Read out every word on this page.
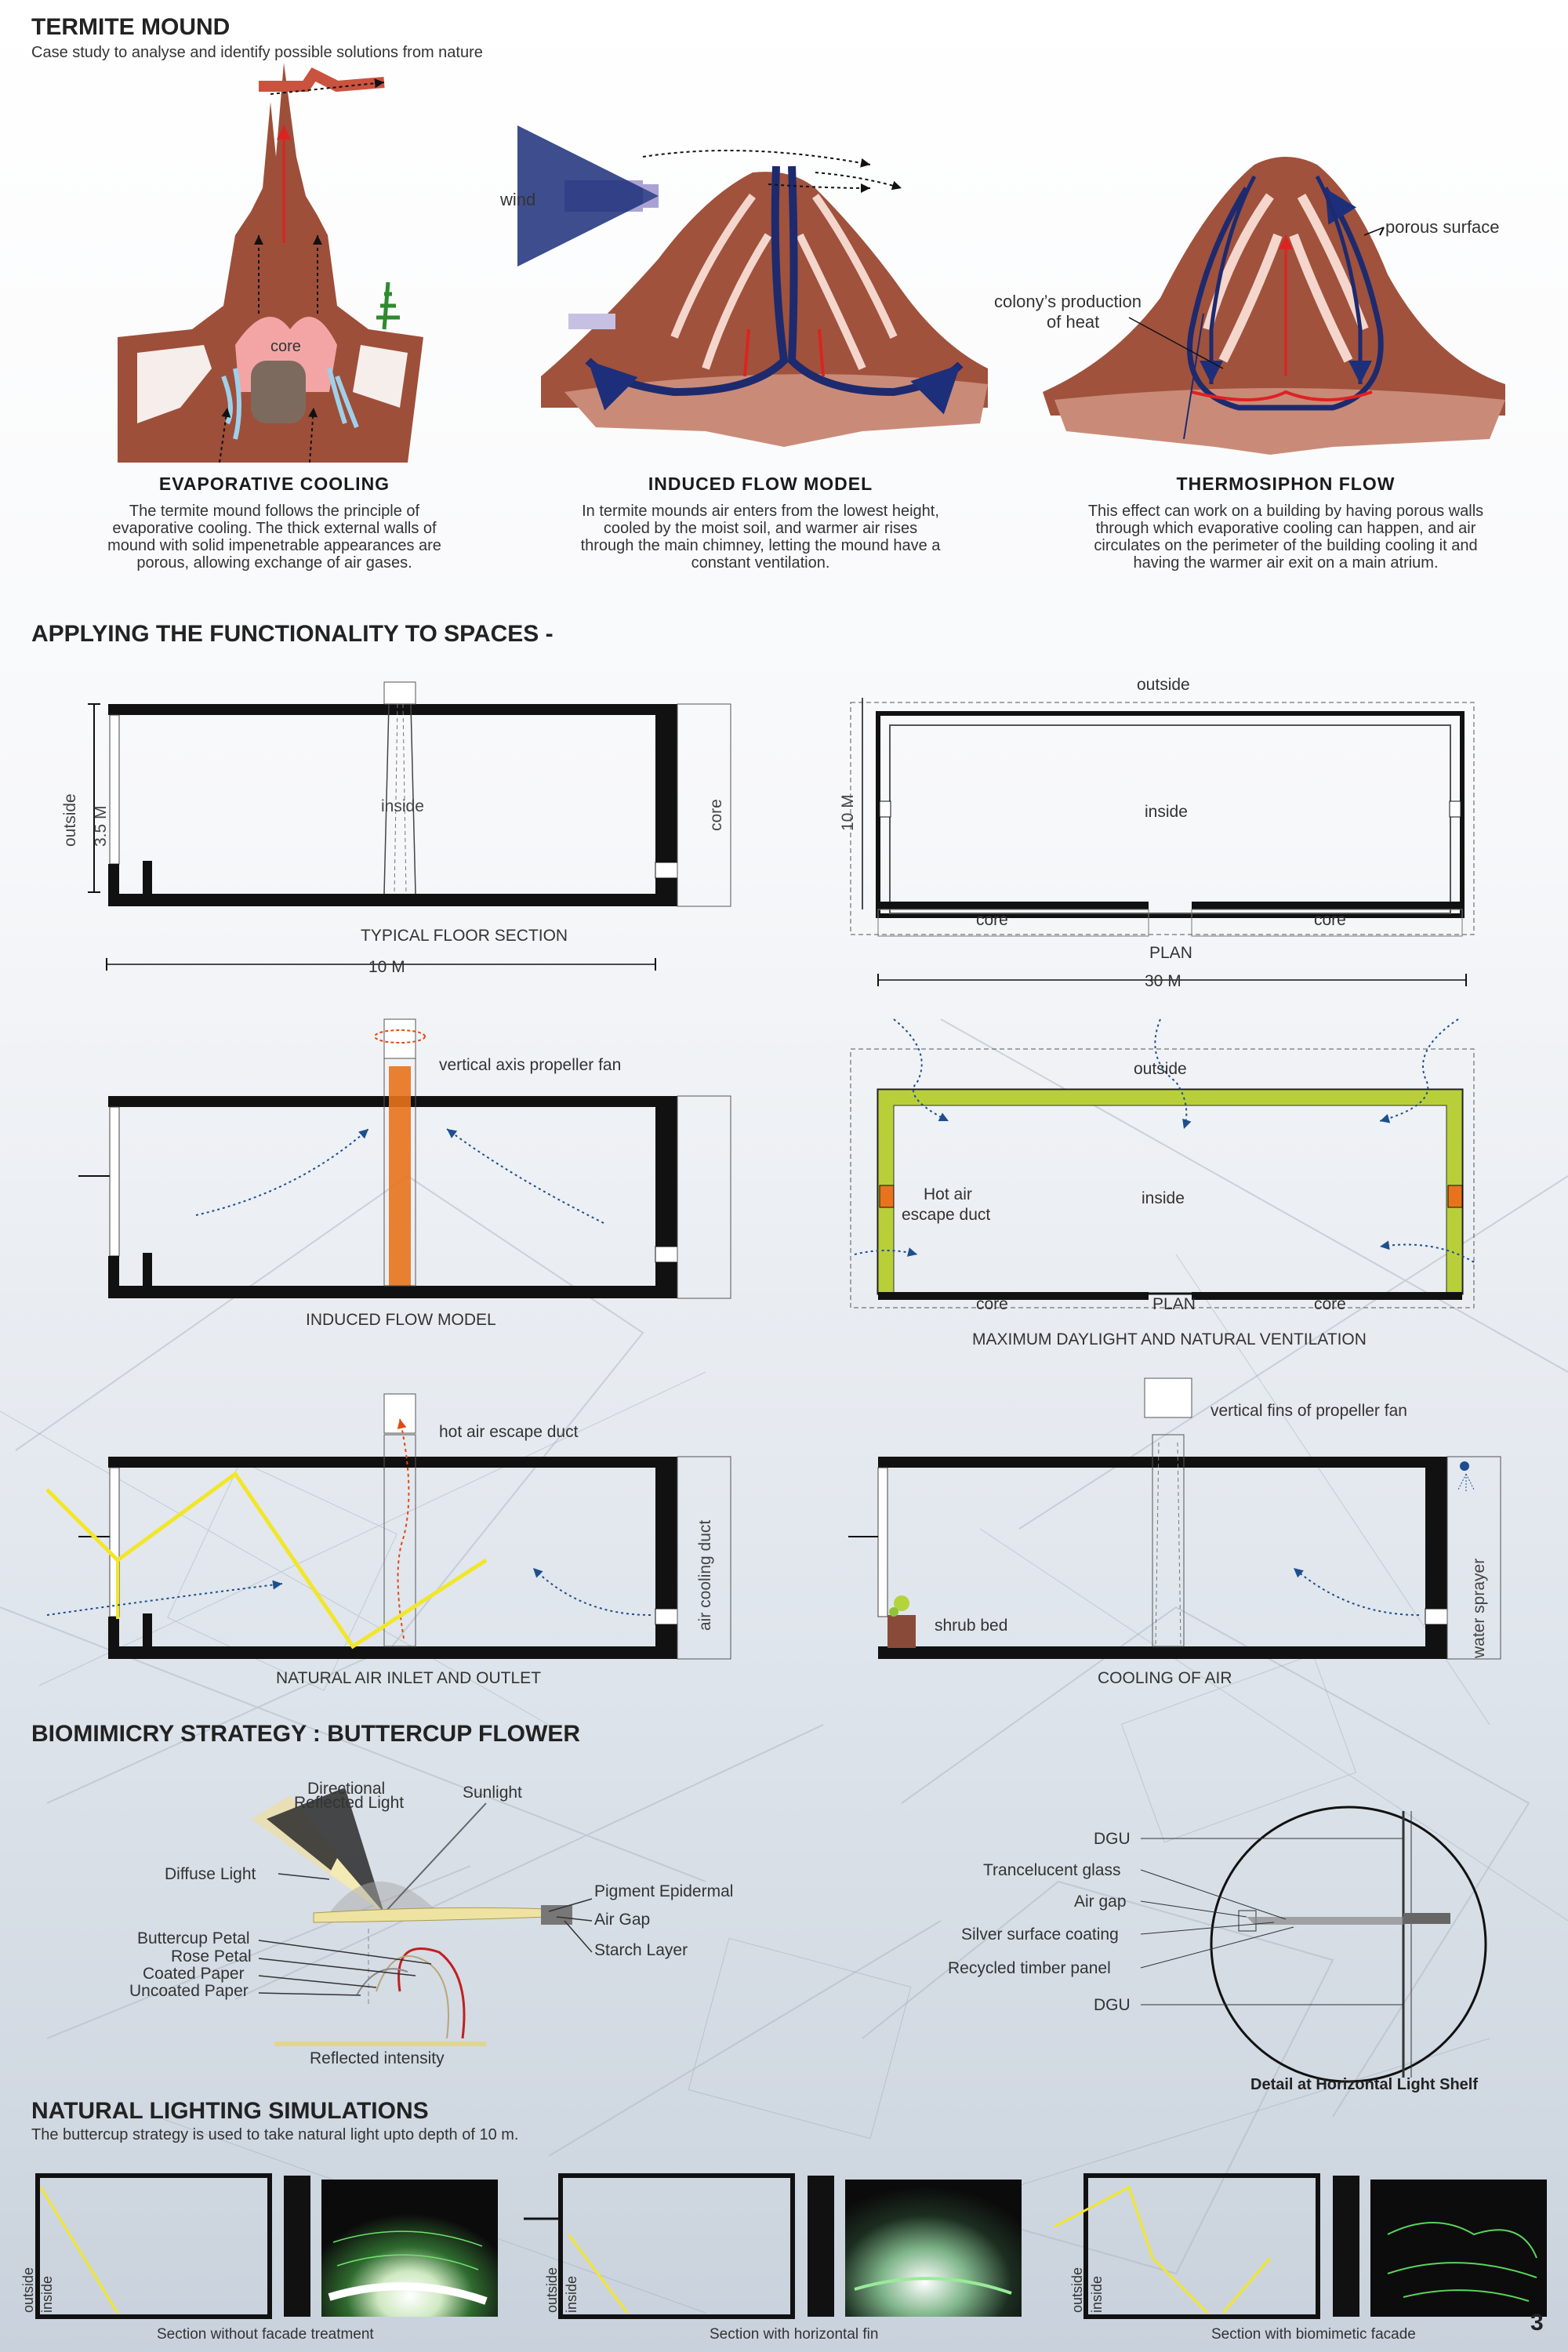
TERMITE MOUND
Case study to analyse and identify possible solutions from nature
core
wind
colony’s production
of heat
porous surface
EVAPORATIVE COOLING
The termite mound follows the principle of evaporative cooling. The thick external walls of mound with solid impenetrable appearances are porous, allowing exchange of air gases.
INDUCED FLOW MODEL
In termite mounds air enters from the lowest height, cooled by the moist soil, and warmer air rises through the main chimney, letting the mound have a constant ventilation.
THERMOSIPHON FLOW
This effect can work on a building by having porous walls through which evaporative cooling can happen, and air circulates on the perimeter of the building cooling it and having the warmer air exit on a main atrium.
APPLYING THE FUNCTIONALITY TO SPACES -
TYPICAL FLOOR SECTION
10 M
inside
outside 3.5 M	core
outside
inside
10 M
core	core
PLAN
30 M
vertical axis propeller fan
INDUCED FLOW MODEL
outside
inside
Hot air
escape duct
core	PLAN	core
MAXIMUM DAYLIGHT AND NATURAL VENTILATION
hot air escape duct
air cooling duct
NATURAL AIR INLET AND OUTLET
vertical fins of propeller fan
shrub bed	water sprayer
COOLING OF AIR
BIOMIMICRY STRATEGY : BUTTERCUP FLOWER
Directional
Reflected Light
Sunlight
Diffuse Light
Pigment Epidermal
Air Gap
Starch Layer
Buttercup Petal
Rose Petal
Coated Paper
Uncoated Paper
Reflected intensity
DGU
Trancelucent glass
Air gap
Silver surface coating
Recycled timber panel
DGU
Detail at Horizontal Light Shelf
NATURAL LIGHTING SIMULATIONS
The buttercup strategy is used to take natural light upto depth of 10 m.
outside inside	outside inside	outside inside
Section without facade treatment	Section with horizontal fin	Section with biomimetic facade	3
